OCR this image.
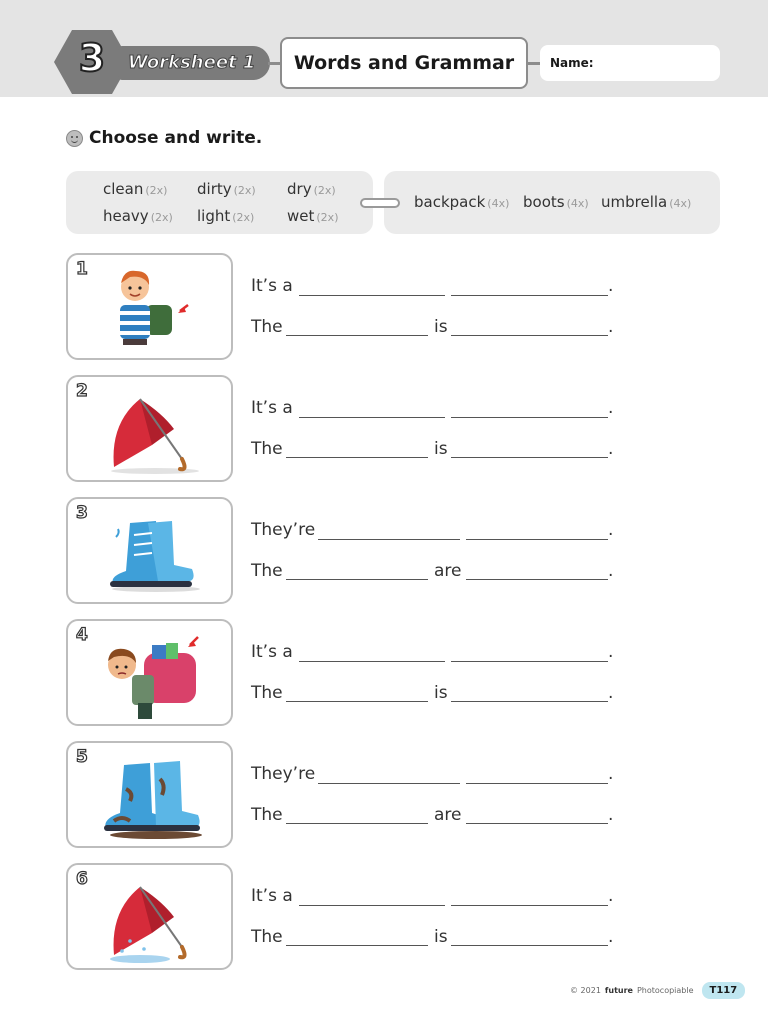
3	Worksheet 1	Words and Grammar	Name:
Choose and write.
clean (2x) dirty (2x) dry (2x)
heavy (2x) light (2x) wet (2x)
backpack (4x) boots (4x) umbrella (4x)
1
It’s a	.
The	is	.
2
It’s a	.
The	is	.
3
They’re	.
The	are	.
4
It’s a	.
The	is	.
5
They’re	.
The	are	.
6
It’s a	.
The	is	.
© 2021 future Photocopiable	T117
